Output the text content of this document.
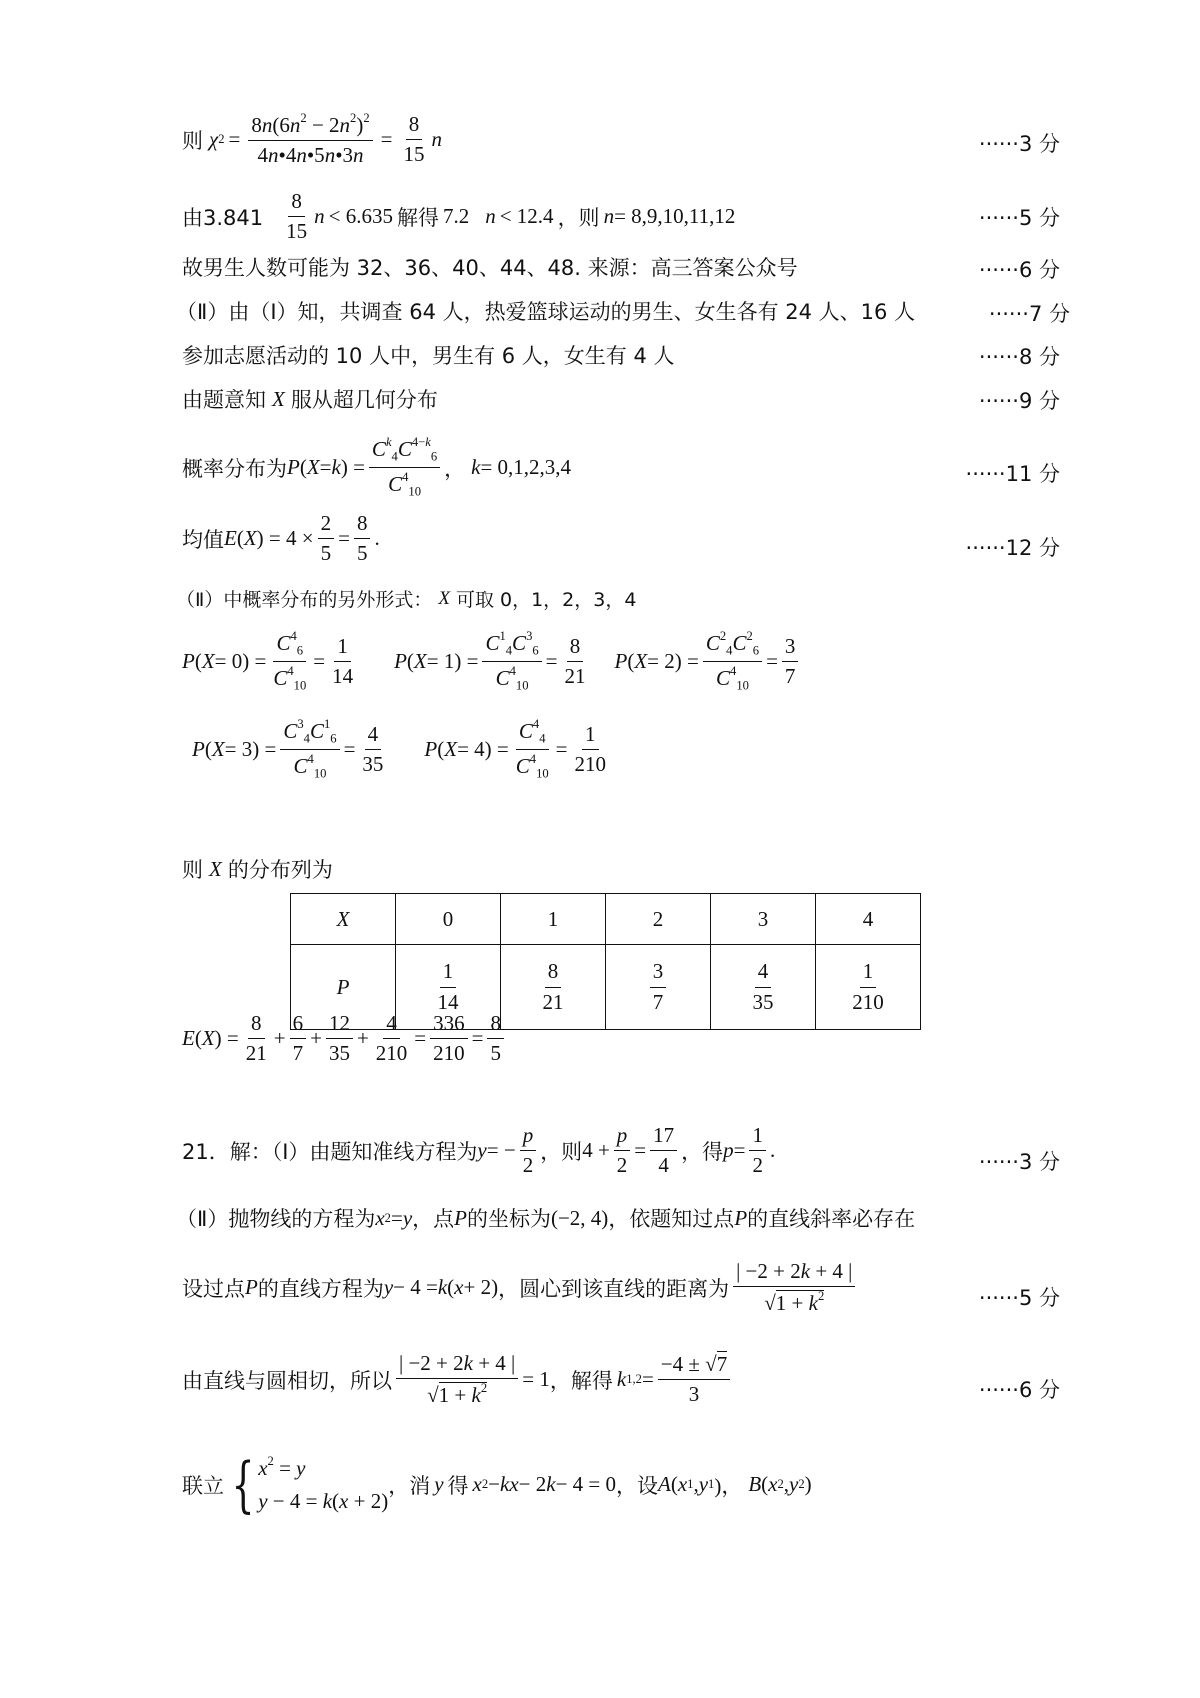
则 χ $2 = \frac{8n(6n^2 - 2n^2)^2}{4n•4n•5n•3n} = \frac{8}{15}$ n	······3 分
由$3.841 \frac{8}{15}$ n < 6.635 解得 7.2 n < 12.4 ，则 n = 8,9,10,11,12	······5 分
故男生人数可能为 32、36、40、44、48. 来源：高三答案公众号	······6 分
（Ⅱ）由（Ⅰ）知，共调查 64 人，热爱篮球运动的男生、女生各有 24 人、16 人	······7 分
参加志愿活动的 10 人中，男生有 6 人，女生有 4 人	······8 分
由题意知 X 服从超几何分布	······9 分
概率分布为 P ( X = k ) = $\frac{C^k_4C^{4-k}_6}{C^4_{10}}$ ， k = 0,1,2,3,4	······11 分
均值 E ( X ) = $4 \times \frac{2}{5} = \frac{8}{5}$ .	······12 分
（Ⅱ）中概率分布的另外形式： X 可取 0，1，2，3，4
P ( $X = 0) = \frac{C^4_6}{C^4_{10}} = \frac{1}{14}$ P ( $X = 1) = \frac{C^1_4C^3_6}{C^4_{10}} = \frac{8}{21}$ P ( $X = 2) = \frac{C^2_4C^2_6}{C^4_{10}} = \frac{3}{7}$
P ( $X = 3) = \frac{C^3_4C^1_6}{C^4_{10}} = \frac{4}{35}$ P ( $X = 4) = \frac{C^4_4}{C^4_{10}} = \frac{1}{210}$
则 X 的分布列为
X	0	1	2	3	4
P	$\frac{1}{14}$	$\frac{8}{21}$	$\frac{3}{7}$	$\frac{4}{35}$	$\frac{1}{210}$
E ( X ) = $\frac{8}{21} + \frac{6}{7} + \frac{12}{35} + \frac{4}{210} = \frac{336}{210} = \frac{8}{5}$
21．解：（Ⅰ）由题知准线方程为 y = − $\frac{p}{2}$ ，则 $4 + \frac{p}{2} = \frac{17}{4}$ ，得 $p = \frac{1}{2}$ .	······3 分
（Ⅱ）抛物线的方程为 x 2 = y ，点 P 的坐标为 (−2, 4) ，依题知过点 P 的直线斜率必存在
设过点 P 的直线方程为 y − 4 = k ( x + 2) ，圆心到该直线的距离为 $\frac{| -2 + 2k + 4 |}{√1 + k^2}$	······5 分
由直线与圆相切，所以 $\frac{| -2 + 2k + 4 |}{√1 + k^2} = 1$ ，解得 k $1,2 = \frac{-4 \pm √7}{3}$	······6 分
联立 { $x^2 = y$
y − 4 = k(x + 2)
，消 y 得 x 2 − kx − 2 k − 4 = 0 ，设 A ( x 1 , y 1 )， B ( x 2 , y 2 )
